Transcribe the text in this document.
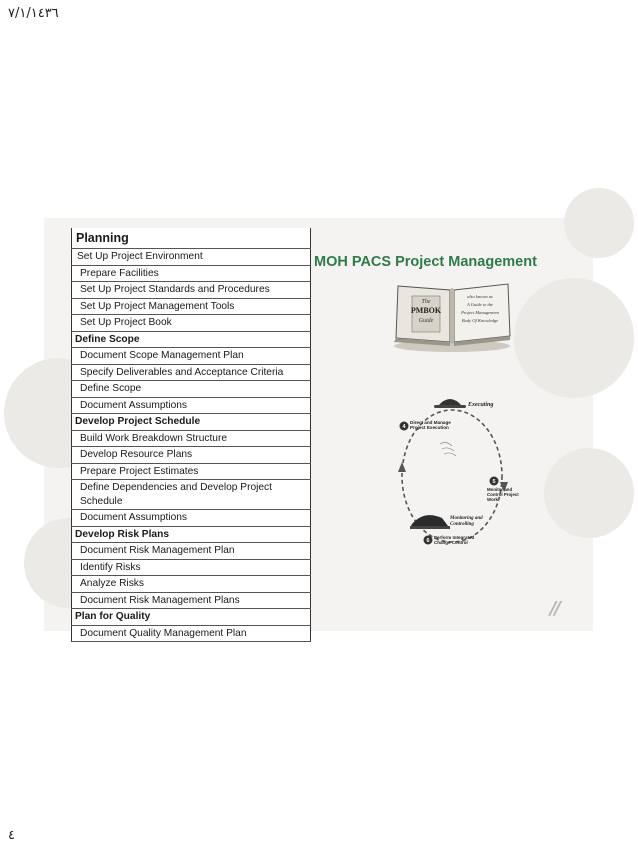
٧/١/١٤٣٦
Planning
Set Up Project Environment
Prepare Facilities
Set Up Project Standards and Procedures
Set Up Project Management Tools
Set Up Project Book
Define Scope
Document Scope Management Plan
Specify Deliverables and Acceptance Criteria
Define Scope
Document Assumptions
Develop Project Schedule
Build Work Breakdown Structure
Develop Resource Plans
Prepare Project Estimates
Define Dependencies and Develop Project Schedule
Document Assumptions
Develop Risk Plans
Document Risk Management Plan
Identify Risks
Analyze Risks
Document Risk Management Plans
Plan for Quality
Document Quality Management Plan
MOH PACS Project Management
The
PMBOK
Guide
also known as
A Guide to the
Project Management
Body Of Knowledge
Executing
4
Direct and Manage Project Execution
5
Monitor and Control Project Work
Monitoring and Controlling
6
Perform Integrated Change Control
//
٤
